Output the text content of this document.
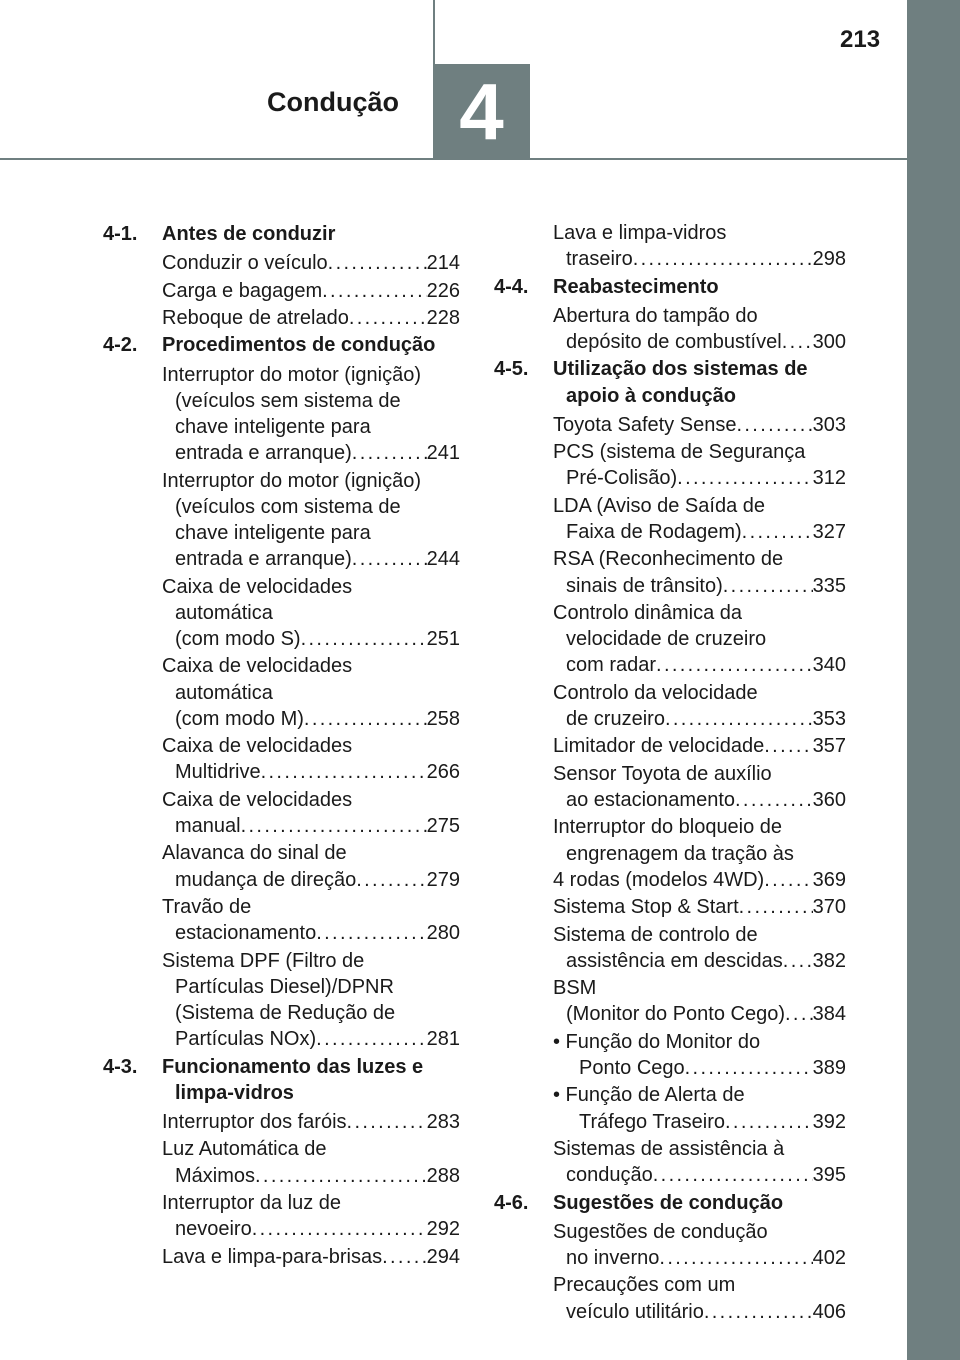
4
Condução
213
4-1.	Antes de conduzir
Conduzir o veículo . . .	214
Carga e bagagem . . .	226
Reboque de atrelado . . .	228
4-2.	Procedimentos de condução
Interruptor do motor (ignição)
(veículos sem sistema de
chave inteligente para
entrada e arranque) . . .	241
Interruptor do motor (ignição)
(veículos com sistema de
chave inteligente para
entrada e arranque) . . .	244
Caixa de velocidades
automática
(com modo S) . . .	251
Caixa de velocidades
automática
(com modo M) . . .	258
Caixa de velocidades
Multidrive . . .	266
Caixa de velocidades
manual . . .	275
Alavanca do sinal de
mudança de direção . . .	279
Travão de
estacionamento . . .	280
Sistema DPF (Filtro de
Partículas Diesel)/DPNR
(Sistema de Redução de
Partículas NOx) . . .	281
4-3.	Funcionamento das luzes e
limpa-vidros
Interruptor dos faróis . . .	283
Luz Automática de
Máximos . . .	288
Interruptor da luz de
nevoeiro . . .	292
Lava e limpa-para-brisas . . . 294
Lava e limpa-vidros
traseiro . . .	298
4-4.	Reabastecimento
Abertura do tampão do
depósito de combustível . . . 300
4-5.	Utilização dos sistemas de
apoio à condução
Toyota Safety Sense . . .	303
PCS (sistema de Segurança
Pré-Colisão) . . .	312
LDA (Aviso de Saída de
Faixa de Rodagem) . . .	327
RSA (Reconhecimento de
sinais de trânsito) . . .	335
Controlo dinâmica da
velocidade de cruzeiro
com radar . . .	340
Controlo da velocidade
de cruzeiro . . .	353
Limitador de velocidade . . . 357
Sensor Toyota de auxílio
ao estacionamento . . .	360
Interruptor do bloqueio de
engrenagem da tração às
4 rodas (modelos 4WD) . . . 369
Sistema Stop & Start . . .	370
Sistema de controlo de
assistência em descidas . . . 382
BSM
(Monitor do Ponto Cego) . . . 384
• Função do Monitor do
Ponto Cego . . .	389
• Função de Alerta de
Tráfego Traseiro . . .	392
Sistemas de assistência à
condução . . .	395
4-6.	Sugestões de condução
Sugestões de condução
no inverno . . .	402
Precauções com um
veículo utilitário . . .	406
